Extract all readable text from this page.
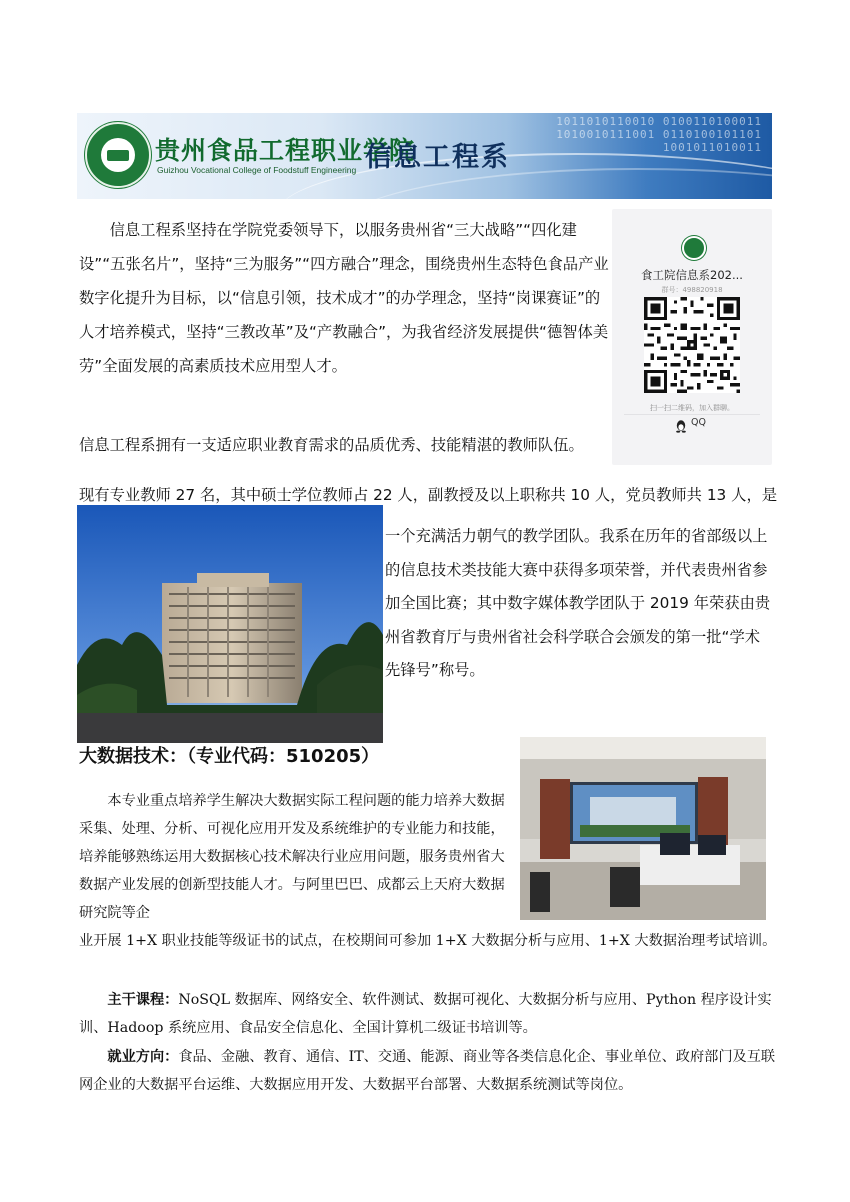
1011010110010 0100110100011 1010010111001 0110100101101 1001011010011
贵州食品工程职业学院
Guizhou Vocational College of Foodstuff Engineering 信息工程系
信息工程系坚持在学院党委领导下，以服务贵州省“三大战略”“四化建设”“五张名片”，坚持“三为服务”“四方融合”理念，围绕贵州生态特色食品产业数字化提升为目标，以“信息引领，技术成才”的办学理念，坚持“岗课赛证”的人才培养模式，坚持“三教改革”及“产教融合”，为我省经济发展提供“德智体美劳”全面发展的高素质技术应用型人才。
食工院信息系202...
群号：498820918
扫一扫二维码，加入群聊。
QQ
信息工程系拥有一支适应职业教育需求的品质优秀、技能精湛的教师队伍。
现有专业教师 27 名，其中硕士学位教师占 22 人，副教授及以上职称共 10 人，党员教师共 13 人，是
一个充满活力朝气的教学团队。我系在历年的省部级以上的信息技术类技能大赛中获得多项荣誉，并代表贵州省参加全国比赛；其中数字媒体教学团队于 2019 年荣获由贵州省教育厅与贵州省社会科学联合会颁发的第一批“学术先锋号”称号。
大数据技术：（专业代码：510205）
本专业重点培养学生解决大数据实际工程问题的能力培养大数据采集、处理、分析、可视化应用开发及系统维护的专业能力和技能，培养能够熟练运用大数据核心技术解决行业应用问题，服务贵州省大数据产业发展的创新型技能人才。与阿里巴巴、成都云上天府大数据研究院等企
业开展 1+X 职业技能等级证书的试点，在校期间可参加 1+X 大数据分析与应用、1+X 大数据治理考试培训。
主干课程：NoSQL 数据库、网络安全、软件测试、数据可视化、大数据分析与应用、Python 程序设计实训、Hadoop 系统应用、食品安全信息化、全国计算机二级证书培训等。
就业方向：食品、金融、教育、通信、IT、交通、能源、商业等各类信息化企、事业单位、政府部门及互联网企业的大数据平台运维、大数据应用开发、大数据平台部署、大数据系统测试等岗位。
